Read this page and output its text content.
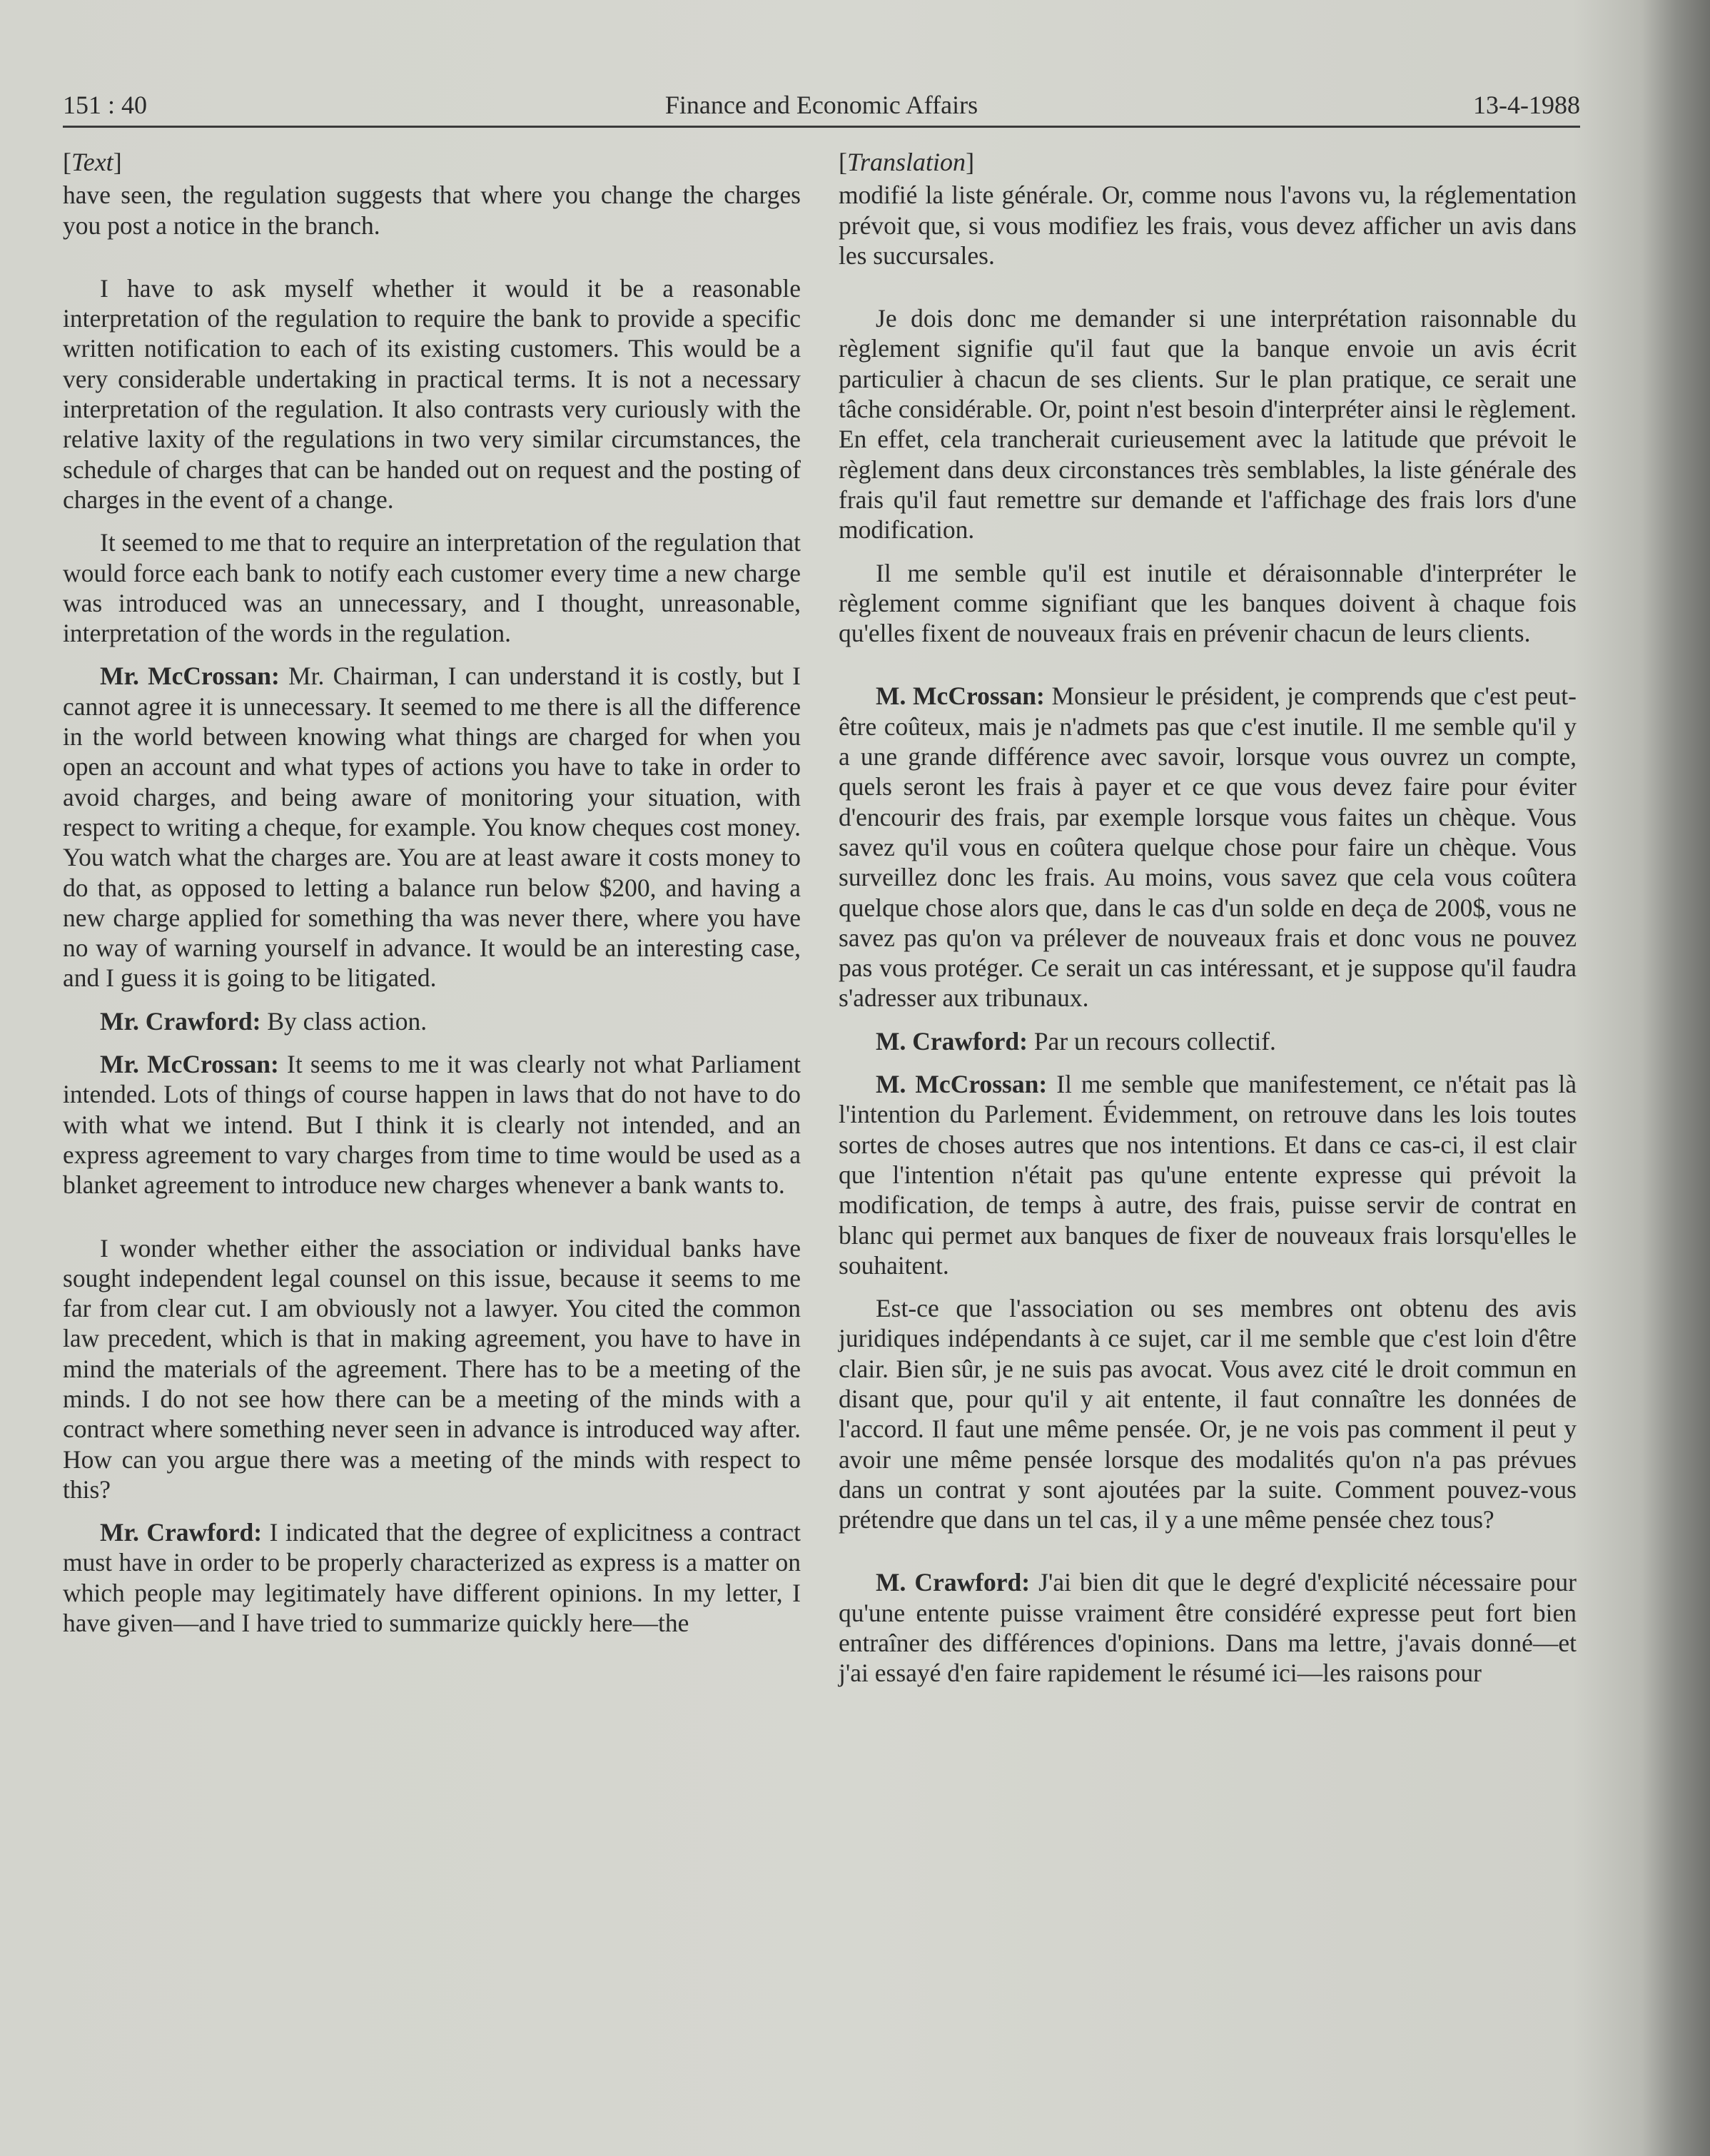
151 : 40	Finance and Economic Affairs	13-4-1988
[Text]

have seen, the regulation suggests that where you change the charges you post a notice in the branch.

I have to ask myself whether it would it be a reasonable interpretation of the regulation to require the bank to provide a specific written notification to each of its existing customers. This would be a very considerable undertaking in practical terms. It is not a necessary interpretation of the regulation. It also contrasts very curiously with the relative laxity of the regulations in two very similar circumstances, the schedule of charges that can be handed out on request and the posting of charges in the event of a change.

It seemed to me that to require an interpretation of the regulation that would force each bank to notify each customer every time a new charge was introduced was an unnecessary, and I thought, unreasonable, interpretation of the words in the regulation.

Mr. McCrossan: Mr. Chairman, I can understand it is costly, but I cannot agree it is unnecessary. It seemed to me there is all the difference in the world between knowing what things are charged for when you open an account and what types of actions you have to take in order to avoid charges, and being aware of monitoring your situation, with respect to writing a cheque, for example. You know cheques cost money. You watch what the charges are. You are at least aware it costs money to do that, as opposed to letting a balance run below $200, and having a new charge applied for something tha was never there, where you have no way of warning yourself in advance. It would be an interesting case, and I guess it is going to be litigated.

Mr. Crawford: By class action.

Mr. McCrossan: It seems to me it was clearly not what Parliament intended. Lots of things of course happen in laws that do not have to do with what we intend. But I think it is clearly not intended, and an express agreement to vary charges from time to time would be used as a blanket agreement to introduce new charges whenever a bank wants to.

I wonder whether either the association or individual banks have sought independent legal counsel on this issue, because it seems to me far from clear cut. I am obviously not a lawyer. You cited the common law precedent, which is that in making agreement, you have to have in mind the materials of the agreement. There has to be a meeting of the minds. I do not see how there can be a meeting of the minds with a contract where something never seen in advance is introduced way after. How can you argue there was a meeting of the minds with respect to this?

Mr. Crawford: I indicated that the degree of explicitness a contract must have in order to be properly characterized as express is a matter on which people may legitimately have different opinions. In my letter, I have given—and I have tried to summarize quickly here—the

[Translation]

modifié la liste générale. Or, comme nous l'avons vu, la réglementation prévoit que, si vous modifiez les frais, vous devez afficher un avis dans les succursales.

Je dois donc me demander si une interprétation raisonnable du règlement signifie qu'il faut que la banque envoie un avis écrit particulier à chacun de ses clients. Sur le plan pratique, ce serait une tâche considérable. Or, point n'est besoin d'interpréter ainsi le règlement. En effet, cela trancherait curieusement avec la latitude que prévoit le règlement dans deux circonstances très semblables, la liste générale des frais qu'il faut remettre sur demande et l'affichage des frais lors d'une modification.

Il me semble qu'il est inutile et déraisonnable d'interpréter le règlement comme signifiant que les banques doivent à chaque fois qu'elles fixent de nouveaux frais en prévenir chacun de leurs clients.

M. McCrossan: Monsieur le président, je comprends que c'est peut-être coûteux, mais je n'admets pas que c'est inutile. Il me semble qu'il y a une grande différence avec savoir, lorsque vous ouvrez un compte, quels seront les frais à payer et ce que vous devez faire pour éviter d'encourir des frais, par exemple lorsque vous faites un chèque. Vous savez qu'il vous en coûtera quelque chose pour faire un chèque. Vous surveillez donc les frais. Au moins, vous savez que cela vous coûtera quelque chose alors que, dans le cas d'un solde en deça de 200$, vous ne savez pas qu'on va prélever de nouveaux frais et donc vous ne pouvez pas vous protéger. Ce serait un cas intéressant, et je suppose qu'il faudra s'adresser aux tribunaux.

M. Crawford: Par un recours collectif.

M. McCrossan: Il me semble que manifestement, ce n'était pas là l'intention du Parlement. Évidemment, on retrouve dans les lois toutes sortes de choses autres que nos intentions. Et dans ce cas-ci, il est clair que l'intention n'était pas qu'une entente expresse qui prévoit la modification, de temps à autre, des frais, puisse servir de contrat en blanc qui permet aux banques de fixer de nouveaux frais lorsqu'elles le souhaitent.

Est-ce que l'association ou ses membres ont obtenu des avis juridiques indépendants à ce sujet, car il me semble que c'est loin d'être clair. Bien sûr, je ne suis pas avocat. Vous avez cité le droit commun en disant que, pour qu'il y ait entente, il faut connaître les données de l'accord. Il faut une même pensée. Or, je ne vois pas comment il peut y avoir une même pensée lorsque des modalités qu'on n'a pas prévues dans un contrat y sont ajoutées par la suite. Comment pouvez-vous prétendre que dans un tel cas, il y a une même pensée chez tous?

M. Crawford: J'ai bien dit que le degré d'explicité nécessaire pour qu'une entente puisse vraiment être considéré expresse peut fort bien entraîner des différences d'opinions. Dans ma lettre, j'avais donné—et j'ai essayé d'en faire rapidement le résumé ici—les raisons pour
